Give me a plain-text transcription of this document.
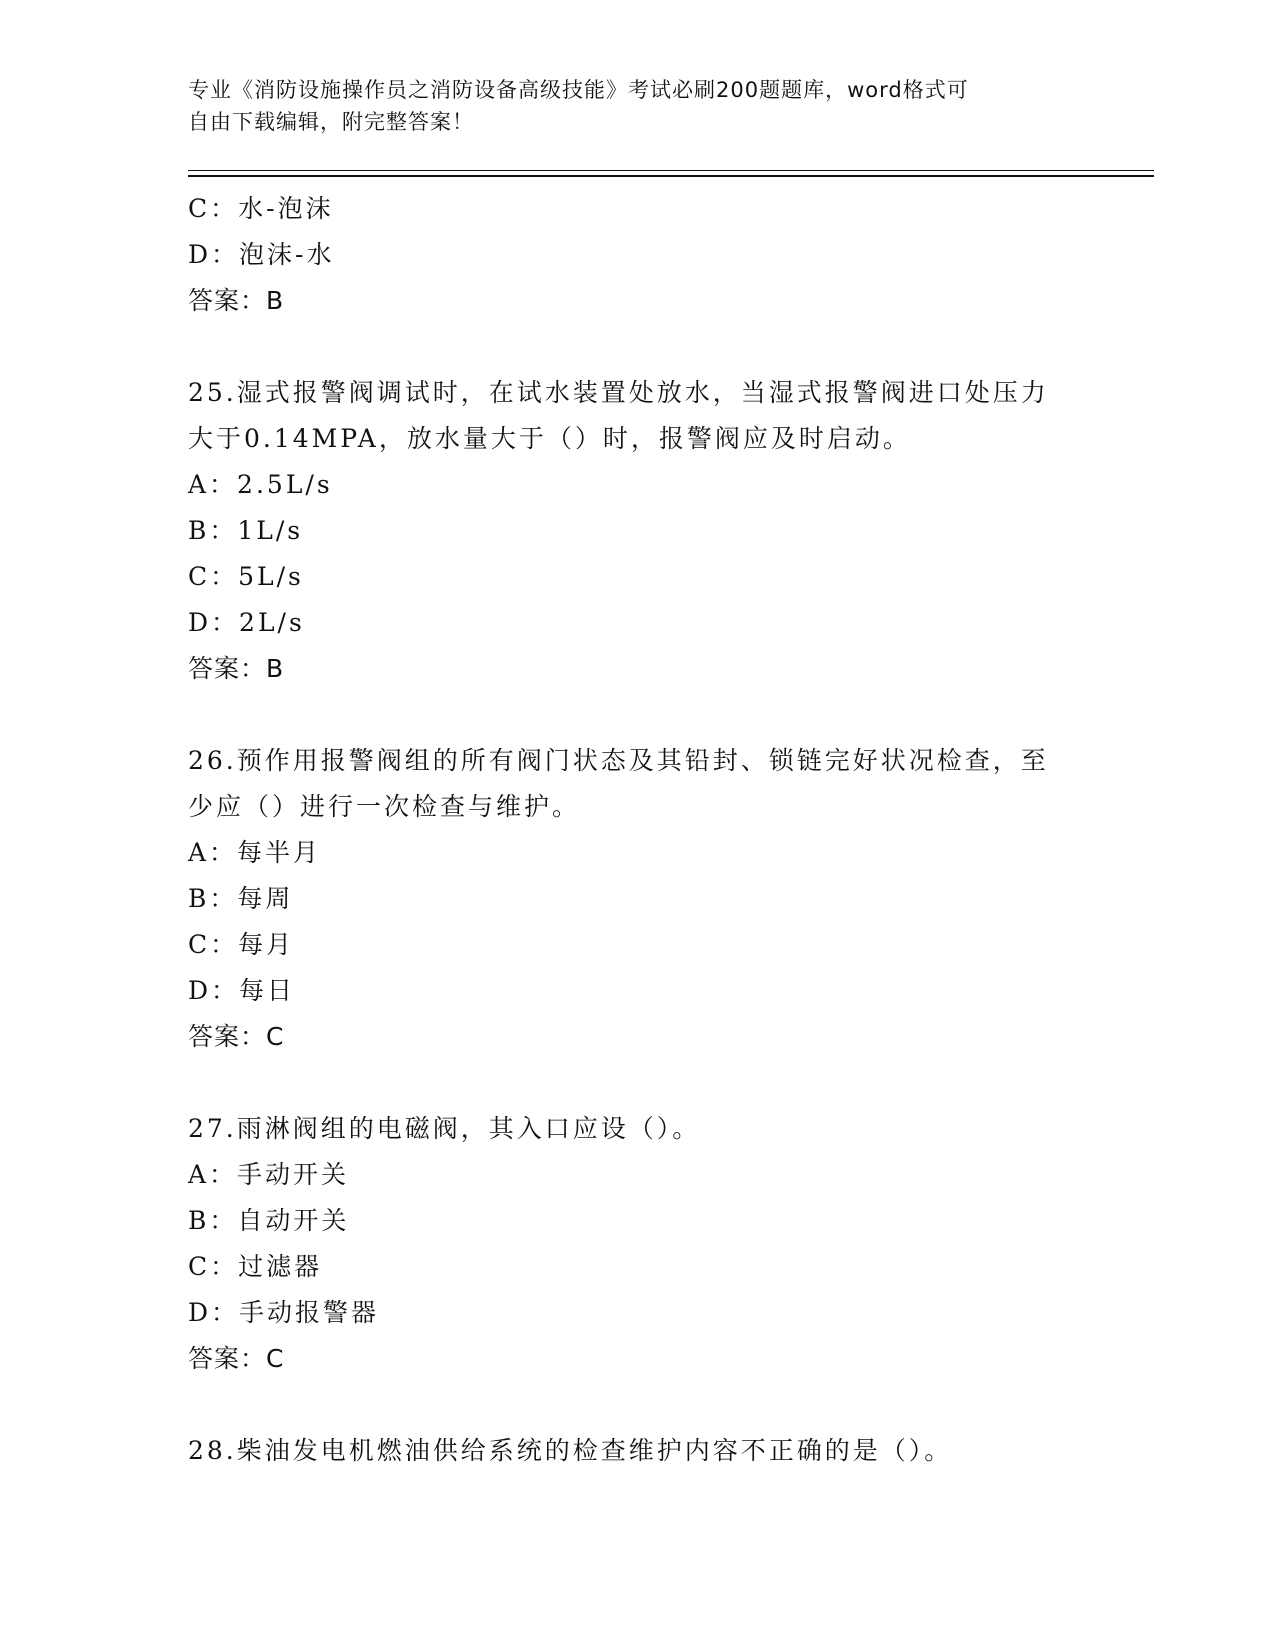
专业《消防设施操作员之消防设备高级技能》考试必刷200题题库，word格式可
自由下载编辑，附完整答案！
C：水-泡沫
D：泡沫-水
答案：B
25.湿式报警阀调试时，在试水装置处放水，当湿式报警阀进口处压力
大于0.14MPA，放水量大于（）时，报警阀应及时启动。
A：2.5L/s
B：1L/s
C：5L/s
D：2L/s
答案：B
26.预作用报警阀组的所有阀门状态及其铅封、锁链完好状况检查，至
少应（）进行一次检查与维护。
A：每半月
B：每周
C：每月
D：每日
答案：C
27.雨淋阀组的电磁阀，其入口应设（）。
A：手动开关
B：自动开关
C：过滤器
D：手动报警器
答案：C
28.柴油发电机燃油供给系统的检查维护内容不正确的是（）。
